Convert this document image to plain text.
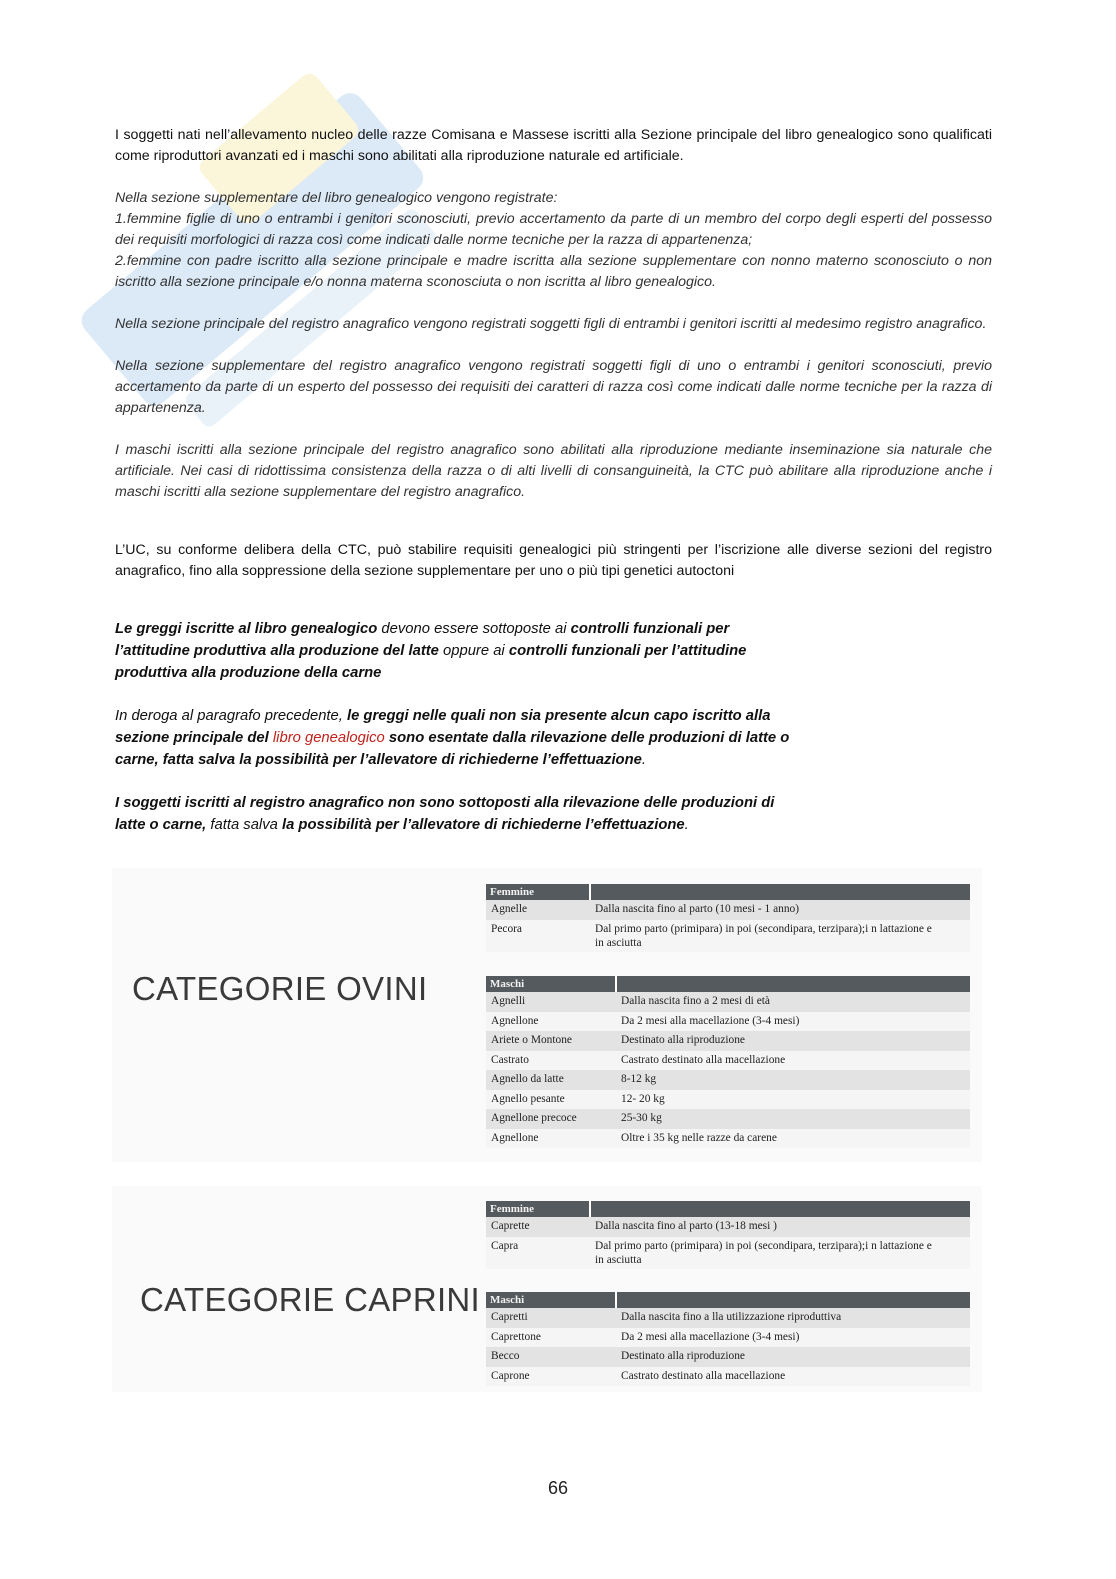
I soggetti nati nell’allevamento nucleo delle razze Comisana e Massese iscritti alla Sezione principale del libro genealogico sono qualificati come riproduttori avanzati ed i maschi sono abilitati alla riproduzione naturale ed artificiale.
Nella sezione supplementare del libro genealogico vengono registrate:
1.femmine figlie di uno o entrambi i genitori sconosciuti, previo accertamento da parte di un membro del corpo degli esperti del possesso dei requisiti morfologici di razza così come indicati dalle norme tecniche per la razza di appartenenza;
2.femmine con padre iscritto alla sezione principale e madre iscritta alla sezione supplementare con nonno materno sconosciuto o non iscritto alla sezione principale e/o nonna materna sconosciuta o non iscritta al libro genealogico.
Nella sezione principale del registro anagrafico vengono registrati soggetti figli di entrambi i genitori iscritti al medesimo registro anagrafico.
Nella sezione supplementare del registro anagrafico vengono registrati soggetti figli di uno o entrambi i genitori sconosciuti, previo accertamento da parte di un esperto del possesso dei requisiti dei caratteri di razza così come indicati dalle norme tecniche per la razza di appartenenza.
I maschi iscritti alla sezione principale del registro anagrafico sono abilitati alla riproduzione mediante inseminazione sia naturale che artificiale. Nei casi di ridottissima consistenza della razza o di alti livelli di consanguineità, la CTC può abilitare alla riproduzione anche i maschi iscritti alla sezione supplementare del registro anagrafico.
L’UC, su conforme delibera della CTC, può stabilire requisiti genealogici più stringenti per l’iscrizione alle diverse sezioni del registro anagrafico, fino alla soppressione della sezione supplementare per uno o più tipi genetici autoctoni

Le greggi iscritte al libro genealogico devono essere sottoposte ai controlli funzionali per l’attitudine produttiva alla produzione del latte oppure ai controlli funzionali per l’attitudine produttiva alla produzione della carne

In deroga al paragrafo precedente, le greggi nelle quali non sia presente alcun capo iscritto alla sezione principale del libro genealogico sono esentate dalla rilevazione delle produzioni di latte o carne, fatta salva la possibilità per l’allevatore di richiederne l’effettuazione.

I soggetti iscritti al registro anagrafico non sono sottoposti alla rilevazione delle produzioni di latte o carne, fatta salva la possibilità per l’allevatore di richiederne l’effettuazione.

CATEGORIE OVINI
Femmine	
Agnelle	Dalla nascita fino al parto (10 mesi - 1 anno)
Pecora	Dal primo parto (primipara) in poi (secondipara, terzipara);i n lattazione e in asciutta
Maschi	
Agnelli	Dalla nascita fino a 2 mesi di età
Agnellone	Da 2 mesi alla macellazione (3-4 mesi)
Ariete o Montone	Destinato alla riproduzione
Castrato	Castrato destinato alla macellazione
Agnello da latte	8-12 kg
Agnello pesante	12- 20 kg
Agnellone precoce	25-30 kg
Agnellone	Oltre i 35 kg nelle razze da carene
CATEGORIE CAPRINI
Femmine	
Caprette	Dalla nascita fino al parto (13-18 mesi )
Capra	Dal primo parto (primipara) in poi (secondipara, terzipara);i n lattazione e in asciutta
Maschi	
Capretti	Dalla nascita fino a lla utilizzazione riproduttiva
Caprettone	Da 2 mesi alla macellazione (3-4 mesi)
Becco	Destinato alla riproduzione
Caprone	Castrato destinato alla macellazione
66
